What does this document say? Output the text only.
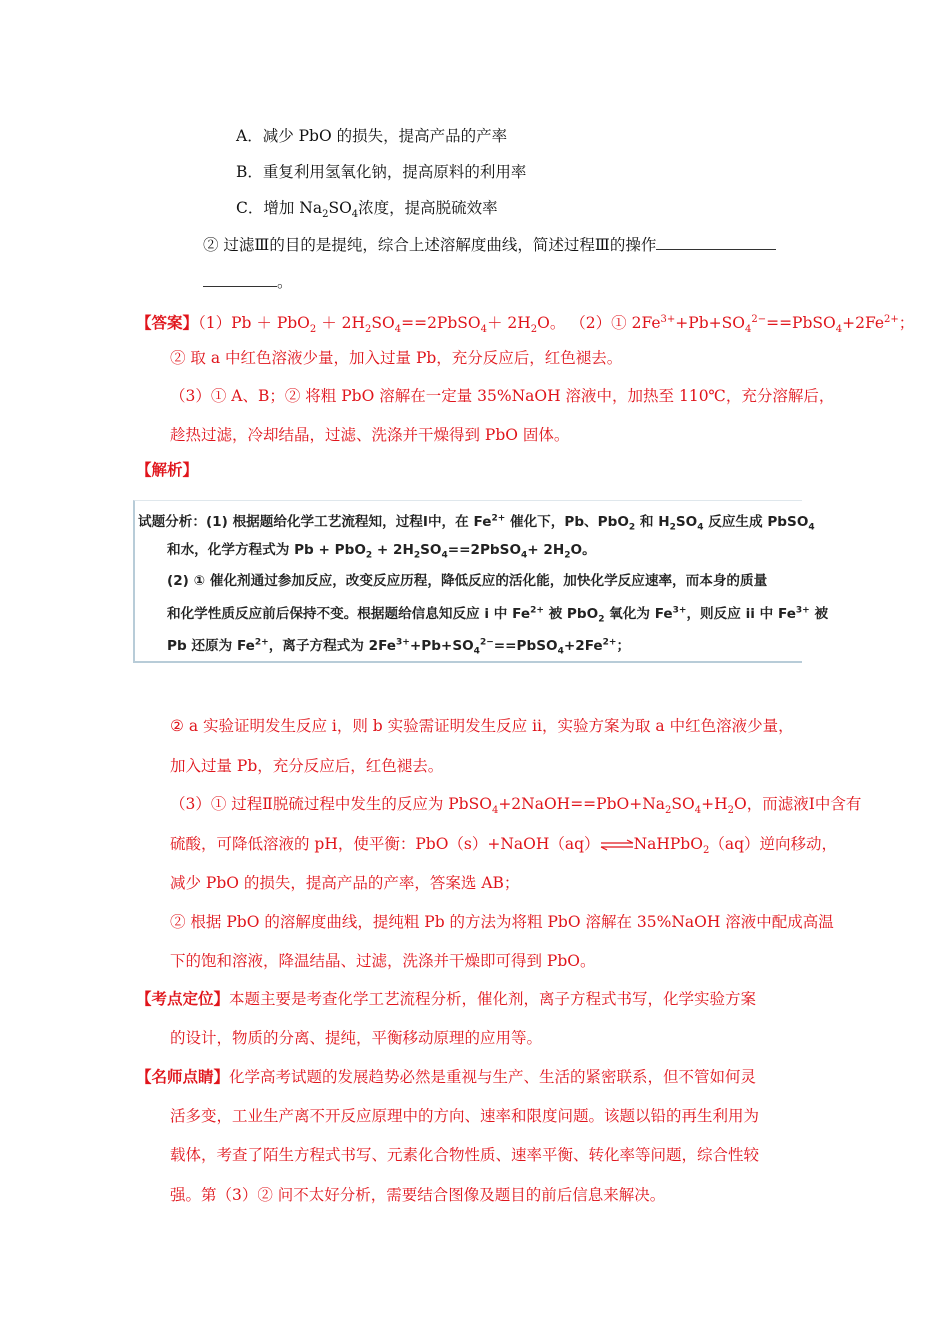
A．减少 PbO 的损失，提高产品的产率
B．重复利用氢氧化钠，提高原料的利用率
C．增加 $Na_2SO_4$浓度，提高脱硫效率
② 过滤Ⅲ的目的是提纯，综合上述溶解度曲线，简述过程Ⅲ的操作
。
【答案】$(1)Pb + PbO_2 + 2H_2SO_4==2PbSO_4+ 2H_2O$。 （2）① $2Fe^{3+}+Pb+SO_4^{2-}==PbSO_4+2Fe^{2+}$；
② 取 a 中红色溶液少量，加入过量 Pb，充分反应后，红色褪去。
（3）① A、B；② 将粗 PbO 溶解在一定量 35%NaOH 溶液中，加热至 110℃，充分溶解后，
趁热过滤，冷却结晶，过滤、洗涤并干燥得到 PbO 固体。
【解析】
试题分析：(1) 根据题给化学工艺流程知，过程Ⅰ中，在 $Fe^{2+}$ 催化下，Pb、PbO$_2$ 和 $H_2SO_4$ 反应生成 PbSO$_4$
和水，化学方程式为 $Pb + PbO_2 + 2H_2SO_4==2PbSO_4+ 2H_2O$。
(2) ① 催化剂通过参加反应，改变反应历程，降低反应的活化能，加快化学反应速率，而本身的质量
和化学性质反应前后保持不变。根据题给信息知反应 i 中 $Fe^{2+}$ 被 PbO$_2$ 氧化为 $Fe^{3+}$，则反应 ii 中 $Fe^{3+}$ 被
Pb 还原为 $Fe^{2+}$，离子方程式为 $2Fe^{3+}+Pb+SO_4^{2-}==PbSO_4+2Fe^{2+}$；
② a 实验证明发生反应 i，则 b 实验需证明发生反应 ii，实验方案为取 a 中红色溶液少量，
加入过量 Pb，充分反应后，红色褪去。
（3）① 过程Ⅱ脱硫过程中发生的反应为 $PbSO_4+2NaOH==PbO+Na_2SO_4+H_2O$，而滤液Ⅰ中含有
硫酸，可降低溶液的 pH，使平衡：PbO（s）+NaOH（aq）⇌NaHPbO$_2$（aq）逆向移动，
减少 PbO 的损失，提高产品的产率，答案选 AB；
② 根据 PbO 的溶解度曲线，提纯粗 Pb 的方法为将粗 PbO 溶解在 35%NaOH 溶液中配成高温
下的饱和溶液，降温结晶、过滤，洗涤并干燥即可得到 PbO。
【考点定位】本题主要是考查化学工艺流程分析，催化剂，离子方程式书写，化学实验方案
的设计，物质的分离、提纯，平衡移动原理的应用等。
【名师点睛】化学高考试题的发展趋势必然是重视与生产、生活的紧密联系，但不管如何灵
活多变，工业生产离不开反应原理中的方向、速率和限度问题。该题以铅的再生利用为
载体，考查了陌生方程式书写、元素化合物性质、速率平衡、转化率等问题，综合性较
强。第（3）② 问不太好分析，需要结合图像及题目的前后信息来解决。
